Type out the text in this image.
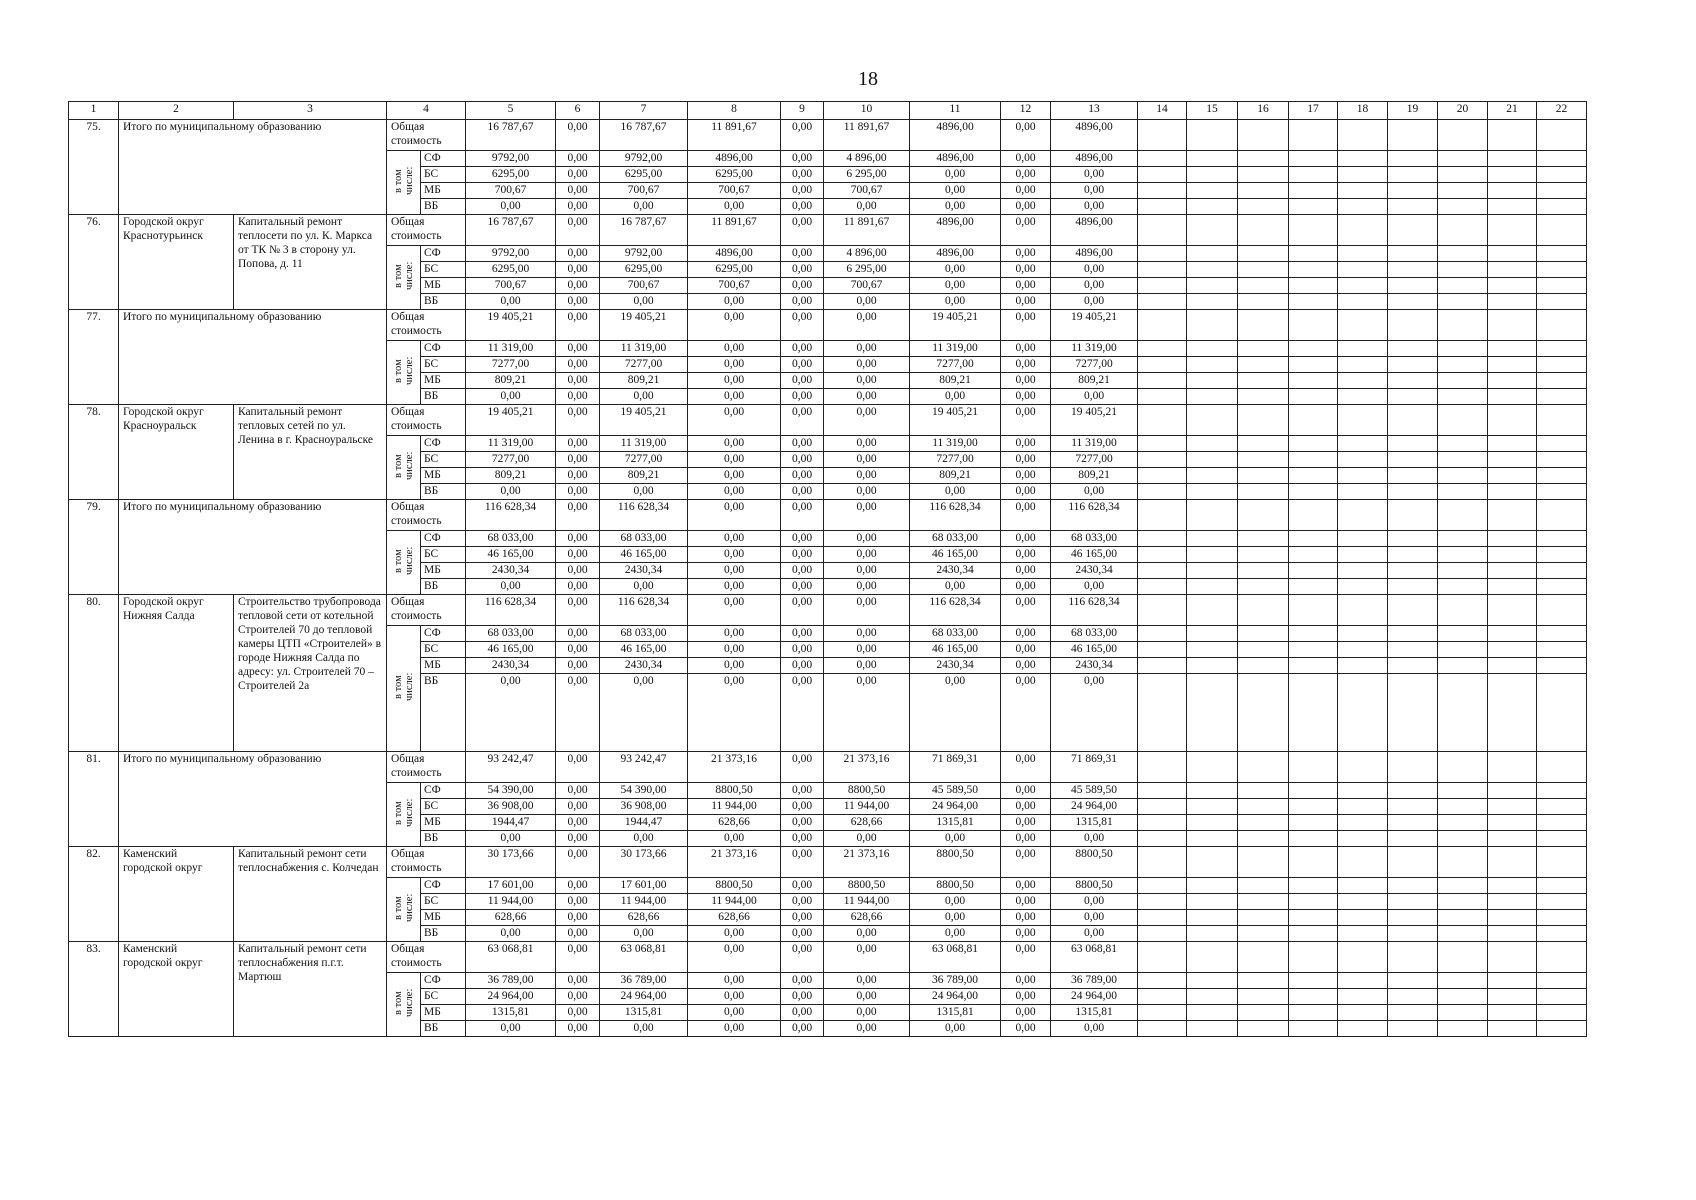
18
1	2	3	4		5	6	7	8	9	10	11	12	13	14	15	16	17	18	19	20	21	22
75.	Итого по муниципальному образованию		Общая стоимость		16 787,67	0,00	16 787,67	11 891,67	0,00	11 891,67	4896,00	0,00	4896,00									
			в том числе:	СФ	9792,00	0,00	9792,00	4896,00	0,00	4 896,00	4896,00	0,00	4896,00									
				БС	6295,00	0,00	6295,00	6295,00	0,00	6 295,00	0,00	0,00	0,00									
				МБ	700,67	0,00	700,67	700,67	0,00	700,67	0,00	0,00	0,00									
				ВБ	0,00	0,00	0,00	0,00	0,00	0,00	0,00	0,00	0,00									
76.	Городской округ Краснотурьинск	Капитальный ремонт теплосети по ул. К. Маркса от ТК № 3 в сторону ул. Попова, д. 11	Общая стоимость		16 787,67	0,00	16 787,67	11 891,67	0,00	11 891,67	4896,00	0,00	4896,00									
			в том числе:	СФ	9792,00	0,00	9792,00	4896,00	0,00	4 896,00	4896,00	0,00	4896,00									
				БС	6295,00	0,00	6295,00	6295,00	0,00	6 295,00	0,00	0,00	0,00									
				МБ	700,67	0,00	700,67	700,67	0,00	700,67	0,00	0,00	0,00									
				ВБ	0,00	0,00	0,00	0,00	0,00	0,00	0,00	0,00	0,00									
77.	Итого по муниципальному образованию		Общая стоимость		19 405,21	0,00	19 405,21	0,00	0,00	0,00	19 405,21	0,00	19 405,21									
			в том числе:	СФ	11 319,00	0,00	11 319,00	0,00	0,00	0,00	11 319,00	0,00	11 319,00									
				БС	7277,00	0,00	7277,00	0,00	0,00	0,00	7277,00	0,00	7277,00									
				МБ	809,21	0,00	809,21	0,00	0,00	0,00	809,21	0,00	809,21									
				ВБ	0,00	0,00	0,00	0,00	0,00	0,00	0,00	0,00	0,00									
78.	Городской округ Красноуральск	Капитальный ремонт тепловых сетей по ул. Ленина в г. Красноуральске	Общая стоимость		19 405,21	0,00	19 405,21	0,00	0,00	0,00	19 405,21	0,00	19 405,21									
			в том числе:	СФ	11 319,00	0,00	11 319,00	0,00	0,00	0,00	11 319,00	0,00	11 319,00									
				БС	7277,00	0,00	7277,00	0,00	0,00	0,00	7277,00	0,00	7277,00									
				МБ	809,21	0,00	809,21	0,00	0,00	0,00	809,21	0,00	809,21									
				ВБ	0,00	0,00	0,00	0,00	0,00	0,00	0,00	0,00	0,00									
79.	Итого по муниципальному образованию		Общая стоимость		116 628,34	0,00	116 628,34	0,00	0,00	0,00	116 628,34	0,00	116 628,34									
			в том числе:	СФ	68 033,00	0,00	68 033,00	0,00	0,00	0,00	68 033,00	0,00	68 033,00									
				БС	46 165,00	0,00	46 165,00	0,00	0,00	0,00	46 165,00	0,00	46 165,00									
				МБ	2430,34	0,00	2430,34	0,00	0,00	0,00	2430,34	0,00	2430,34									
				ВБ	0,00	0,00	0,00	0,00	0,00	0,00	0,00	0,00	0,00									
80.	Городской округ Нижняя Салда	Строительство трубопровода тепловой сети от котельной Строителей 70 до тепловой камеры ЦТП «Строителей» в городе Нижняя Салда по адресу: ул. Строителей 70 – Строителей 2а	Общая стоимость		116 628,34	0,00	116 628,34	0,00	0,00	0,00	116 628,34	0,00	116 628,34									
			в том числе:	СФ	68 033,00	0,00	68 033,00	0,00	0,00	0,00	68 033,00	0,00	68 033,00									
				БС	46 165,00	0,00	46 165,00	0,00	0,00	0,00	46 165,00	0,00	46 165,00									
				МБ	2430,34	0,00	2430,34	0,00	0,00	0,00	2430,34	0,00	2430,34									
				ВБ	0,00	0,00	0,00	0,00	0,00	0,00	0,00	0,00	0,00									
81.	Итого по муниципальному образованию		Общая стоимость		93 242,47	0,00	93 242,47	21 373,16	0,00	21 373,16	71 869,31	0,00	71 869,31									
			в том числе:	СФ	54 390,00	0,00	54 390,00	8800,50	0,00	8800,50	45 589,50	0,00	45 589,50									
				БС	36 908,00	0,00	36 908,00	11 944,00	0,00	11 944,00	24 964,00	0,00	24 964,00									
				МБ	1944,47	0,00	1944,47	628,66	0,00	628,66	1315,81	0,00	1315,81									
				ВБ	0,00	0,00	0,00	0,00	0,00	0,00	0,00	0,00	0,00									
82.	Каменский городской округ	Капитальный ремонт сети теплоснабжения с. Колчедан	Общая стоимость		30 173,66	0,00	30 173,66	21 373,16	0,00	21 373,16	8800,50	0,00	8800,50									
			в том числе:	СФ	17 601,00	0,00	17 601,00	8800,50	0,00	8800,50	8800,50	0,00	8800,50									
				БС	11 944,00	0,00	11 944,00	11 944,00	0,00	11 944,00	0,00	0,00	0,00									
				МБ	628,66	0,00	628,66	628,66	0,00	628,66	0,00	0,00	0,00									
				ВБ	0,00	0,00	0,00	0,00	0,00	0,00	0,00	0,00	0,00									
83.	Каменский городской округ	Капитальный ремонт сети теплоснабжения п.г.т. Мартюш	Общая стоимость		63 068,81	0,00	63 068,81	0,00	0,00	0,00	63 068,81	0,00	63 068,81									
			в том числе:	СФ	36 789,00	0,00	36 789,00	0,00	0,00	0,00	36 789,00	0,00	36 789,00									
				БС	24 964,00	0,00	24 964,00	0,00	0,00	0,00	24 964,00	0,00	24 964,00									
				МБ	1315,81	0,00	1315,81	0,00	0,00	0,00	1315,81	0,00	1315,81									
				ВБ	0,00	0,00	0,00	0,00	0,00	0,00	0,00	0,00	0,00									
